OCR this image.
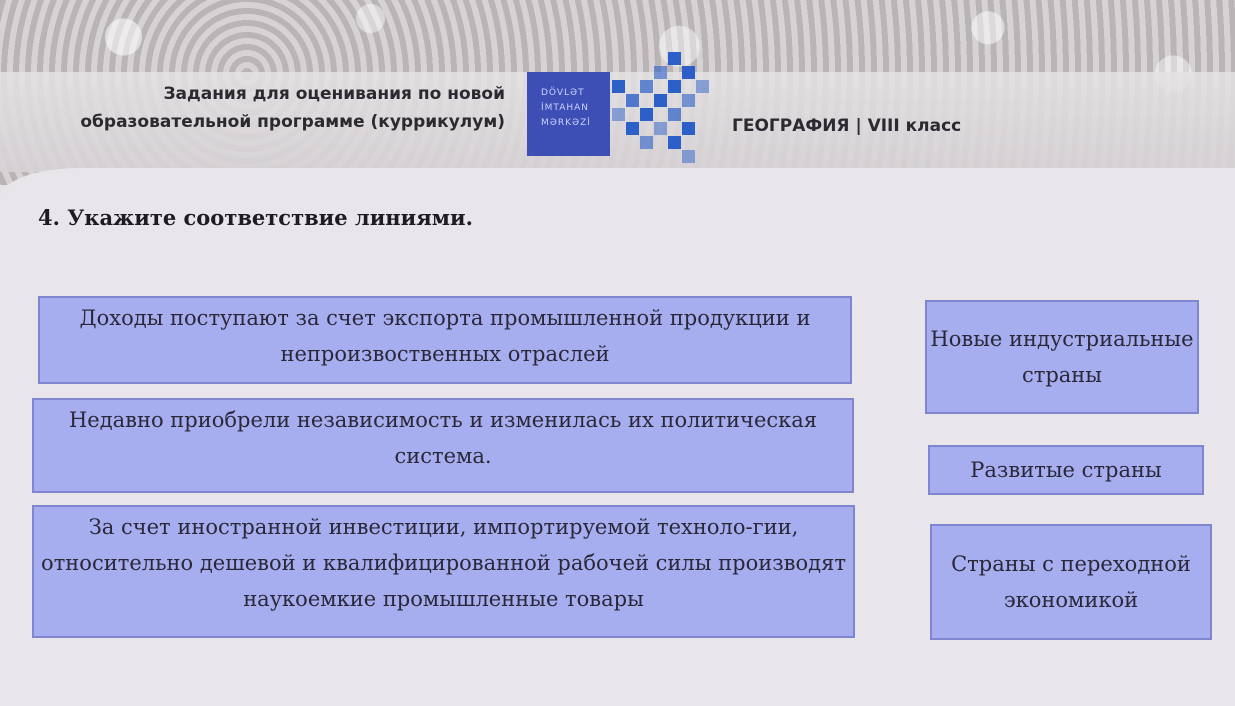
Задания для оценивания по новой
образовательной программе (куррикулум)
DÖVLƏT
İMTAHAN
MƏRKƏZİ	ГЕОГРАФИЯ | VIII класс
4. Укажите соответствие линиями.
Доходы поступают за счет экспорта промышленной продукции и непроизвоственных отраслей
Недавно приобрели независимость и изменилась их политическая система.
За счет иностранной инвестиции, импортируемой техноло-гии, относительно дешевой и квалифицированной рабочей силы производят наукоемкие промышленные товары
Новые индустриальные страны
Развитые страны
Страны с переходной экономикой
